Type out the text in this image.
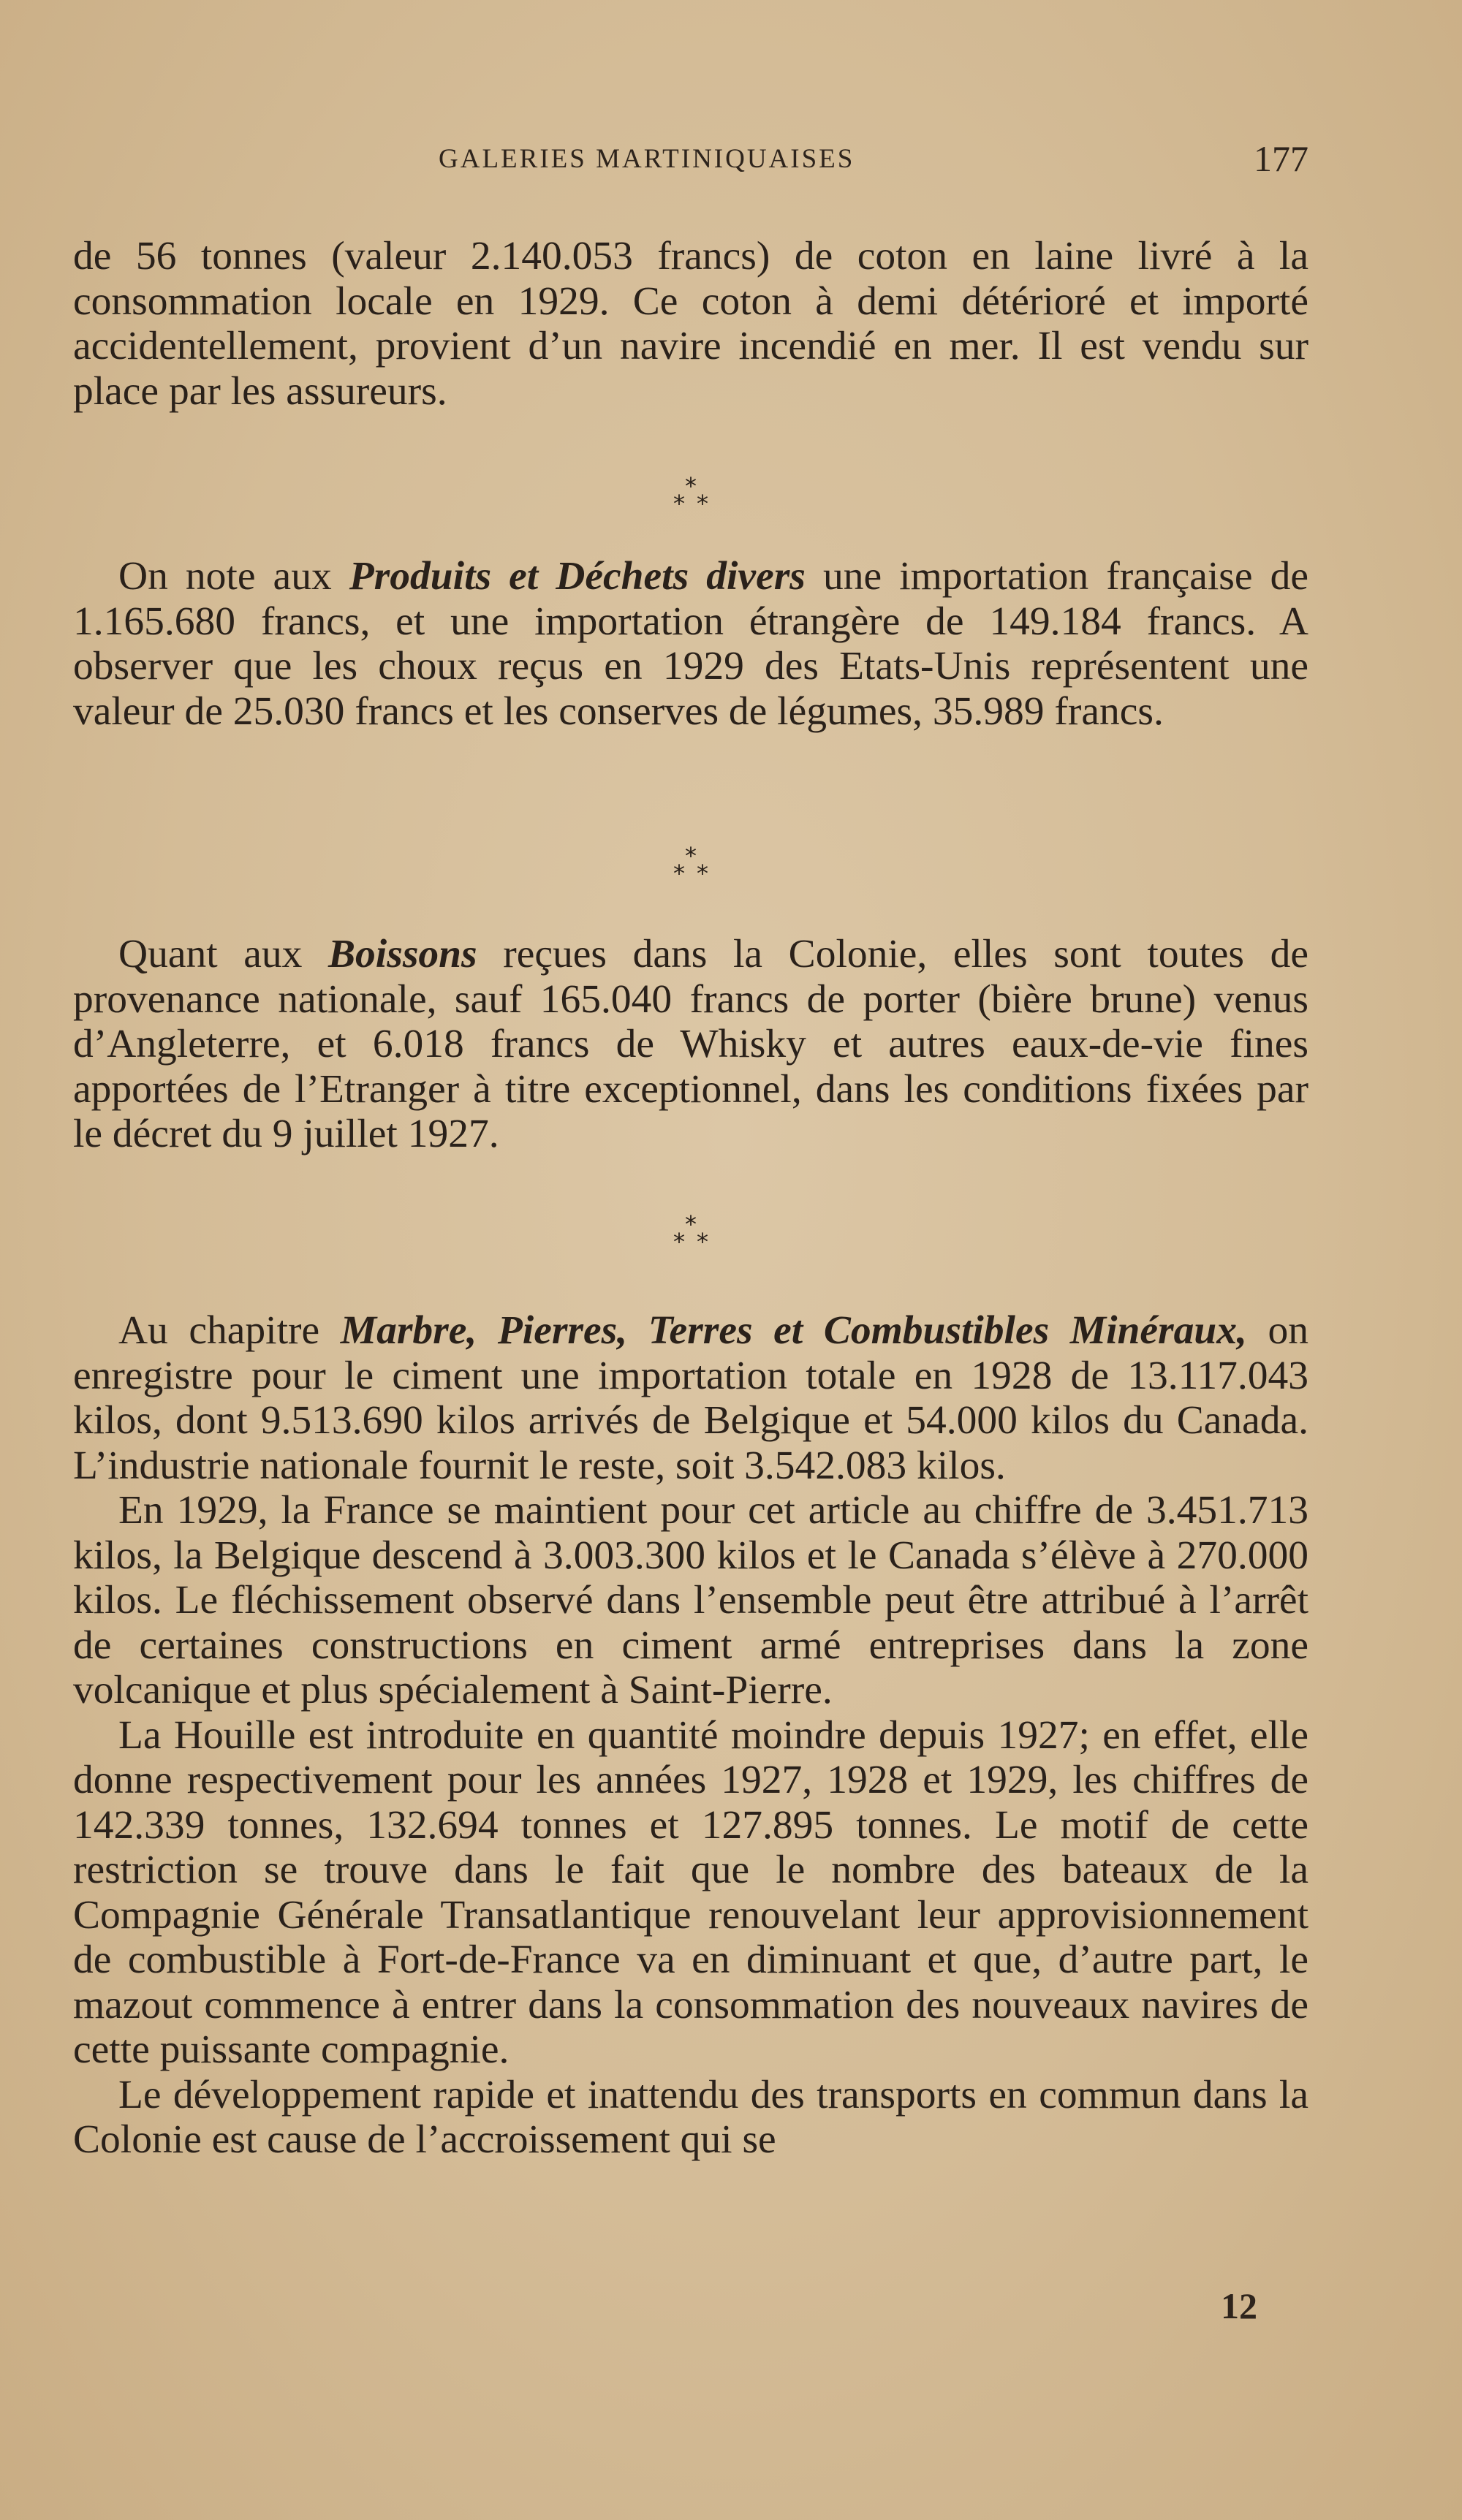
GALERIES MARTINIQUAISES	177

de 56 tonnes (valeur 2.140.053 francs) de coton en laine livré à la consommation locale en 1929. Ce coton à demi détérioré et importé accidentellement, provient d’un navire incendié en mer. Il est vendu sur place par les assureurs.

*
* *

On note aux Produits et Déchets divers une importation française de 1.165.680 francs, et une importation étrangère de 149.184 francs. A observer que les choux reçus en 1929 des Etats-Unis représentent une valeur de 25.030 francs et les conserves de légumes, 35.989 francs.

*
* *

Quant aux Boissons reçues dans la Colonie, elles sont toutes de provenance nationale, sauf 165.040 francs de porter (bière brune) venus d’Angleterre, et 6.018 francs de Whisky et autres eaux-de-vie fines apportées de l’Etranger à titre exceptionnel, dans les conditions fixées par le décret du 9 juillet 1927.

*
* *

Au chapitre Marbre, Pierres, Terres et Combustibles Minéraux, on enregistre pour le ciment une importation totale en 1928 de 13.117.043 kilos, dont 9.513.690 kilos arrivés de Belgique et 54.000 kilos du Canada. L’industrie nationale fournit le reste, soit 3.542.083 kilos.

En 1929, la France se maintient pour cet article au chiffre de 3.451.713 kilos, la Belgique descend à 3.003.300 kilos et le Canada s’élève à 270.000 kilos. Le fléchissement observé dans l’ensemble peut être attribué à l’arrêt de certaines constructions en ciment armé entreprises dans la zone volcanique et plus spécialement à Saint-Pierre.

La Houille est introduite en quantité moindre depuis 1927; en effet, elle donne respectivement pour les années 1927, 1928 et 1929, les chiffres de 142.339 tonnes, 132.694 tonnes et 127.895 tonnes. Le motif de cette restriction se trouve dans le fait que le nombre des bateaux de la Compagnie Générale Transatlantique renouvelant leur approvisionnement de combustible à Fort-de-France va en diminuant et que, d’autre part, le mazout commence à entrer dans la consommation des nouveaux navires de cette puissante compagnie.

Le développement rapide et inattendu des transports en commun dans la Colonie est cause de l’accroissement qui se

12
